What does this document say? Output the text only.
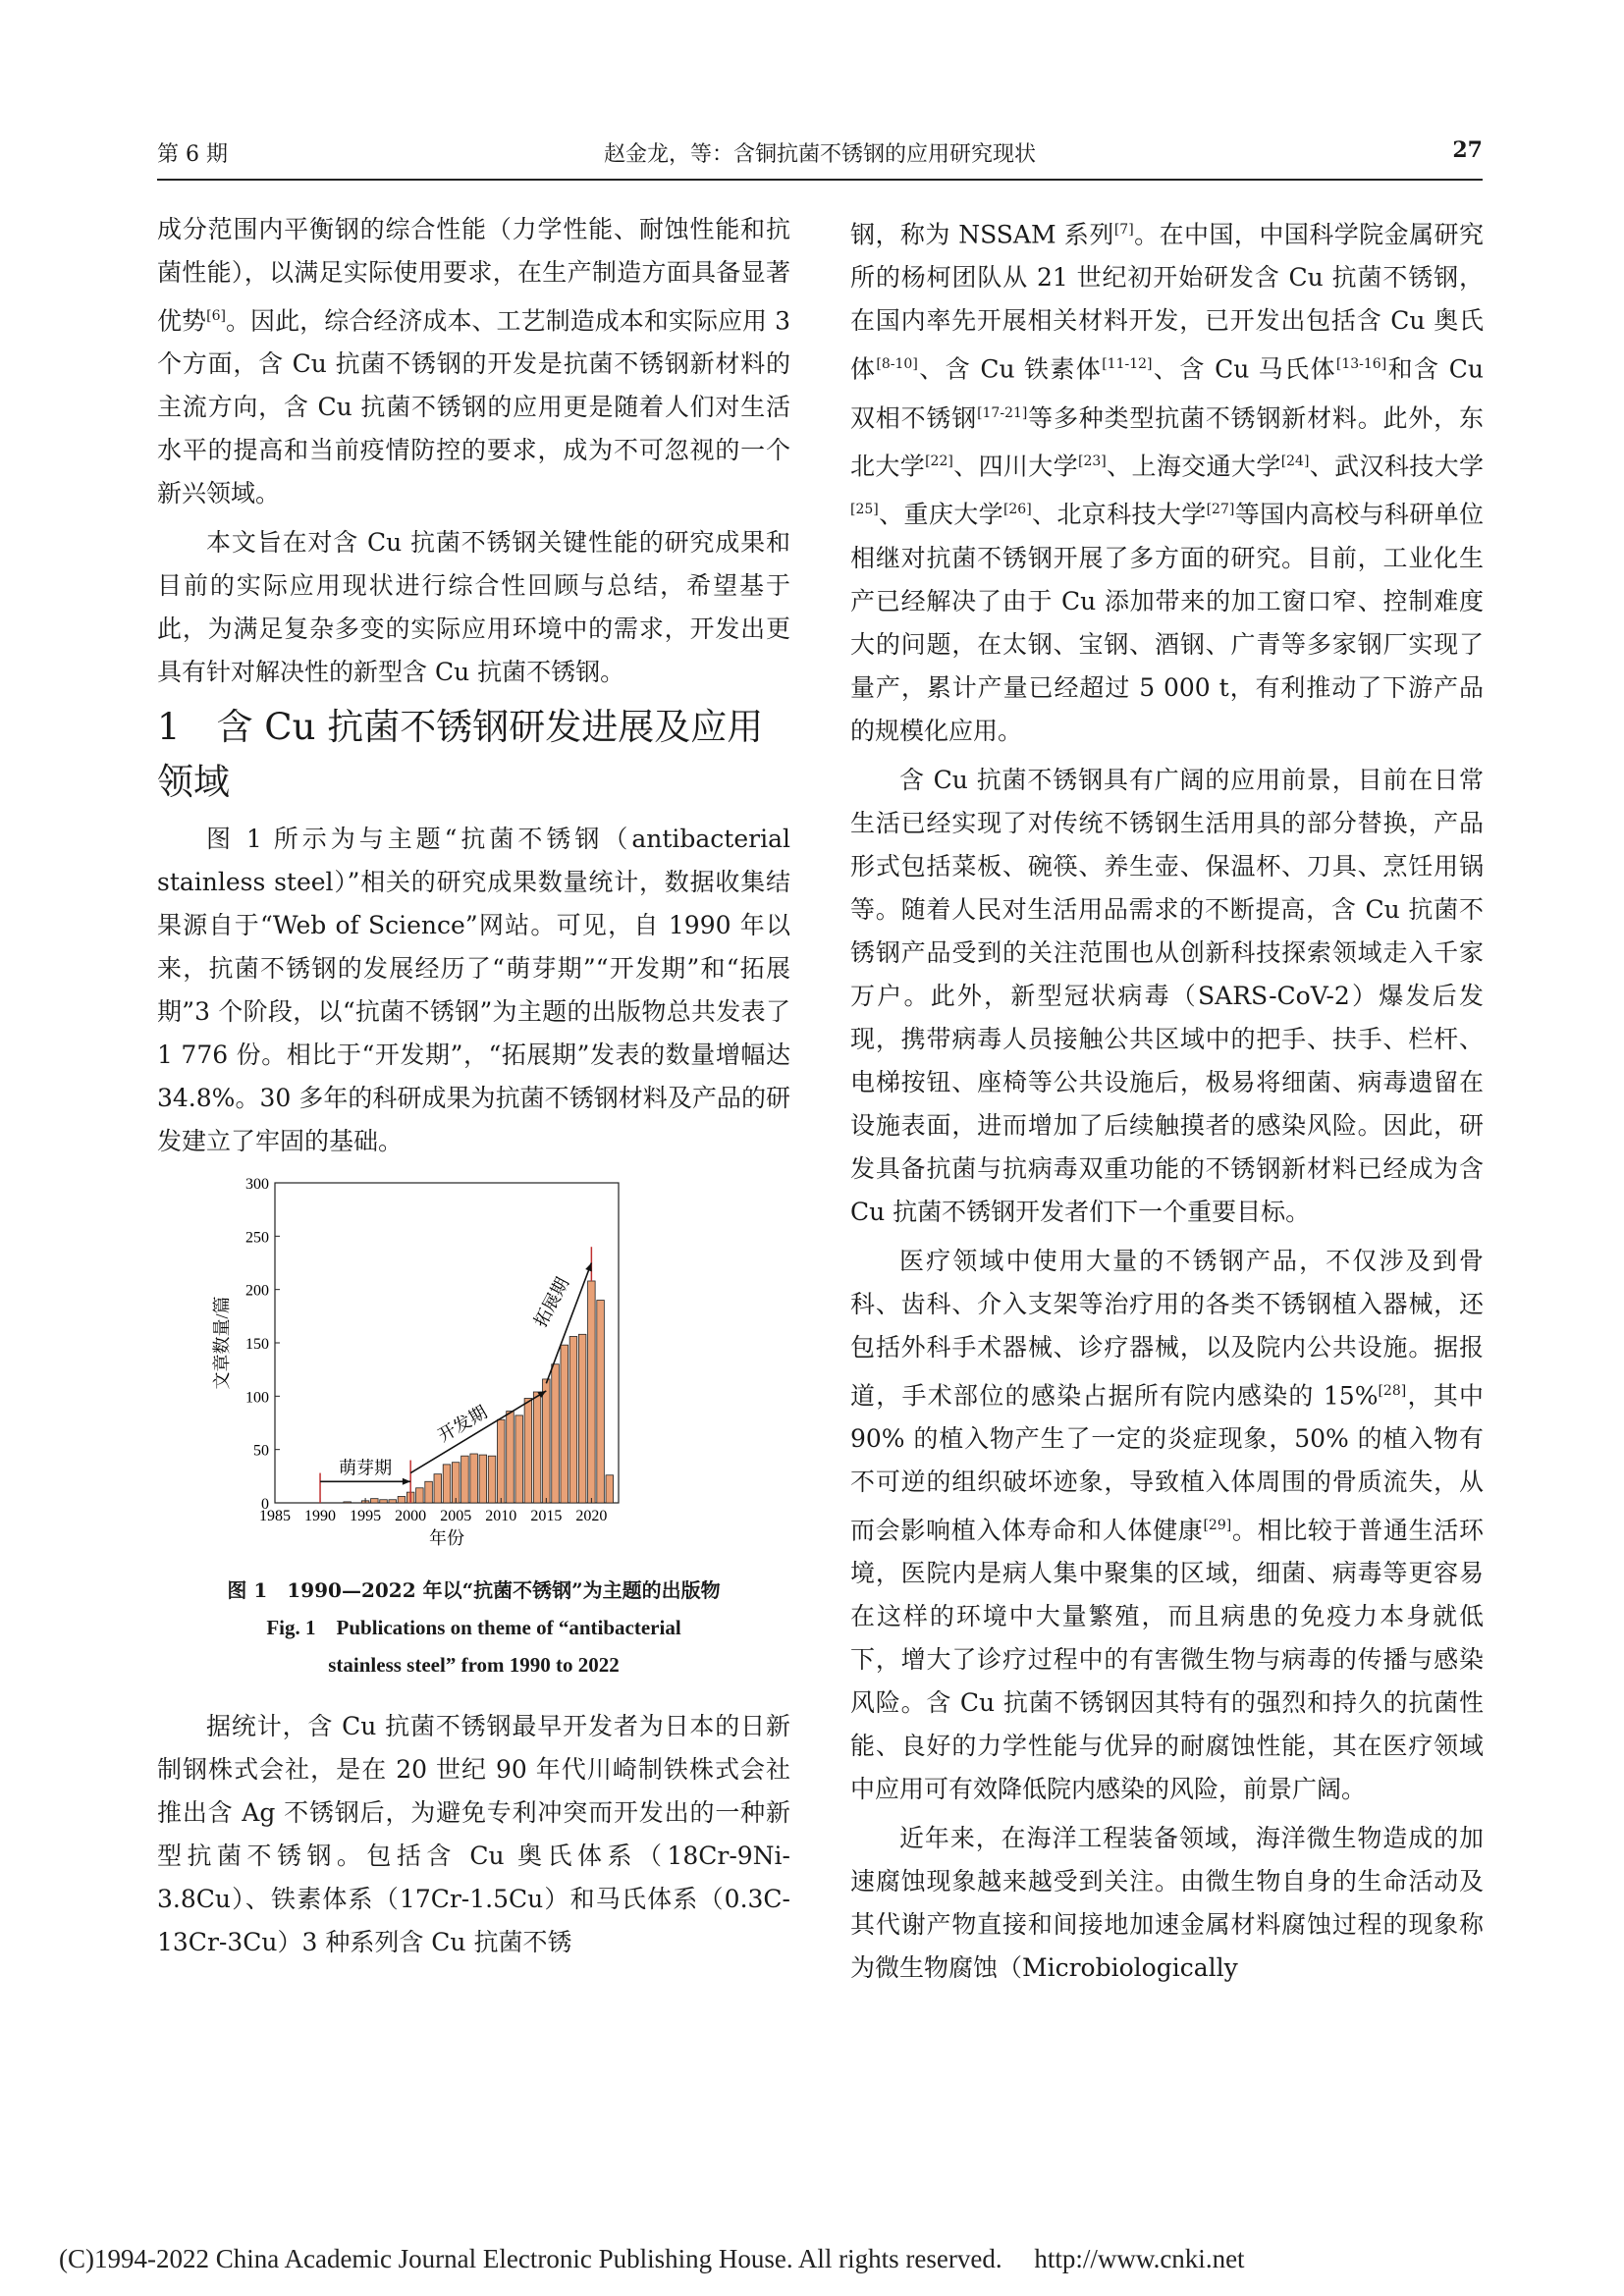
第 6 期	赵金龙，等：含铜抗菌不锈钢的应用研究现状	27

成分范围内平衡钢的综合性能（力学性能、耐蚀性能和抗菌性能），以满足实际使用要求，在生产制造方面具备显著优势[6]。因此，综合经济成本、工艺制造成本和实际应用 3 个方面，含 Cu 抗菌不锈钢的开发是抗菌不锈钢新材料的主流方向，含 Cu 抗菌不锈钢的应用更是随着人们对生活水平的提高和当前疫情防控的要求，成为不可忽视的一个新兴领域。

本文旨在对含 Cu 抗菌不锈钢关键性能的研究成果和目前的实际应用现状进行综合性回顾与总结，希望基于此，为满足复杂多变的实际应用环境中的需求，开发出更具有针对解决性的新型含 Cu 抗菌不锈钢。

1　含 Cu 抗菌不锈钢研发进展及应用领域

图 1 所示为与主题“抗菌不锈钢（antibacterial stainless steel）”相关的研究成果数量统计，数据收集结果源自于“Web of Science”网站。可见，自 1990 年以来，抗菌不锈钢的发展经历了“萌芽期”“开发期”和“拓展期”3 个阶段，以“抗菌不锈钢”为主题的出版物总共发表了 1 776 份。相比于“开发期”，“拓展期”发表的数量增幅达 34.8%。30 多年的科研成果为抗菌不锈钢材料及产品的研发建立了牢固的基础。

0
50
100
150
200
250
300
1985 1990 1995 2000 2005 2010 2015 2020
年份
文章数量/篇
萌芽期
开发期
拓展期
图 1　1990—2022 年以“抗菌不锈钢”为主题的出版物
Fig. 1　Publications on theme of “antibacterial
stainless steel” from 1990 to 2022

据统计，含 Cu 抗菌不锈钢最早开发者为日本的日新制钢株式会社，是在 20 世纪 90 年代川崎制铁株式会社推出含 Ag 不锈钢后，为避免专利冲突而开发出的一种新型抗菌不锈钢。包括含 Cu 奥氏体系（18Cr-9Ni-3.8Cu）、铁素体系（17Cr-1.5Cu）和马氏体系（0.3C-13Cr-3Cu）3 种系列含 Cu 抗菌不锈

钢，称为 NSSAM 系列[7]。在中国，中国科学院金属研究所的杨柯团队从 21 世纪初开始研发含 Cu 抗菌不锈钢，在国内率先开展相关材料开发，已开发出包括含 Cu 奥氏体[8-10]、含 Cu 铁素体[11-12]、含 Cu 马氏体[13-16]和含 Cu 双相不锈钢[17-21]等多种类型抗菌不锈钢新材料。此外，东北大学[22]、四川大学[23]、上海交通大学[24]、武汉科技大学[25]、重庆大学[26]、北京科技大学[27]等国内高校与科研单位相继对抗菌不锈钢开展了多方面的研究。目前，工业化生产已经解决了由于 Cu 添加带来的加工窗口窄、控制难度大的问题，在太钢、宝钢、酒钢、广青等多家钢厂实现了量产，累计产量已经超过 5 000 t，有利推动了下游产品的规模化应用。

含 Cu 抗菌不锈钢具有广阔的应用前景，目前在日常生活已经实现了对传统不锈钢生活用具的部分替换，产品形式包括菜板、碗筷、养生壶、保温杯、刀具、烹饪用锅等。随着人民对生活用品需求的不断提高，含 Cu 抗菌不锈钢产品受到的关注范围也从创新科技探索领域走入千家万户。此外，新型冠状病毒（SARS-CoV-2）爆发后发现，携带病毒人员接触公共区域中的把手、扶手、栏杆、电梯按钮、座椅等公共设施后，极易将细菌、病毒遗留在设施表面，进而增加了后续触摸者的感染风险。因此，研发具备抗菌与抗病毒双重功能的不锈钢新材料已经成为含 Cu 抗菌不锈钢开发者们下一个重要目标。

医疗领域中使用大量的不锈钢产品，不仅涉及到骨科、齿科、介入支架等治疗用的各类不锈钢植入器械，还包括外科手术器械、诊疗器械，以及院内公共设施。据报道，手术部位的感染占据所有院内感染的 15%[28]，其中 90% 的植入物产生了一定的炎症现象，50% 的植入物有不可逆的组织破坏迹象，导致植入体周围的骨质流失，从而会影响植入体寿命和人体健康[29]。相比较于普通生活环境，医院内是病人集中聚集的区域，细菌、病毒等更容易在这样的环境中大量繁殖，而且病患的免疫力本身就低下，增大了诊疗过程中的有害微生物与病毒的传播与感染风险。含 Cu 抗菌不锈钢因其特有的强烈和持久的抗菌性能、良好的力学性能与优异的耐腐蚀性能，其在医疗领域中应用可有效降低院内感染的风险，前景广阔。

近年来，在海洋工程装备领域，海洋微生物造成的加速腐蚀现象越来越受到关注。由微生物自身的生命活动及其代谢产物直接和间接地加速金属材料腐蚀过程的现象称为微生物腐蚀（Microbiologically

(C)1994-2022 China Academic Journal Electronic Publishing House. All rights reserved. http://www.cnki.net
